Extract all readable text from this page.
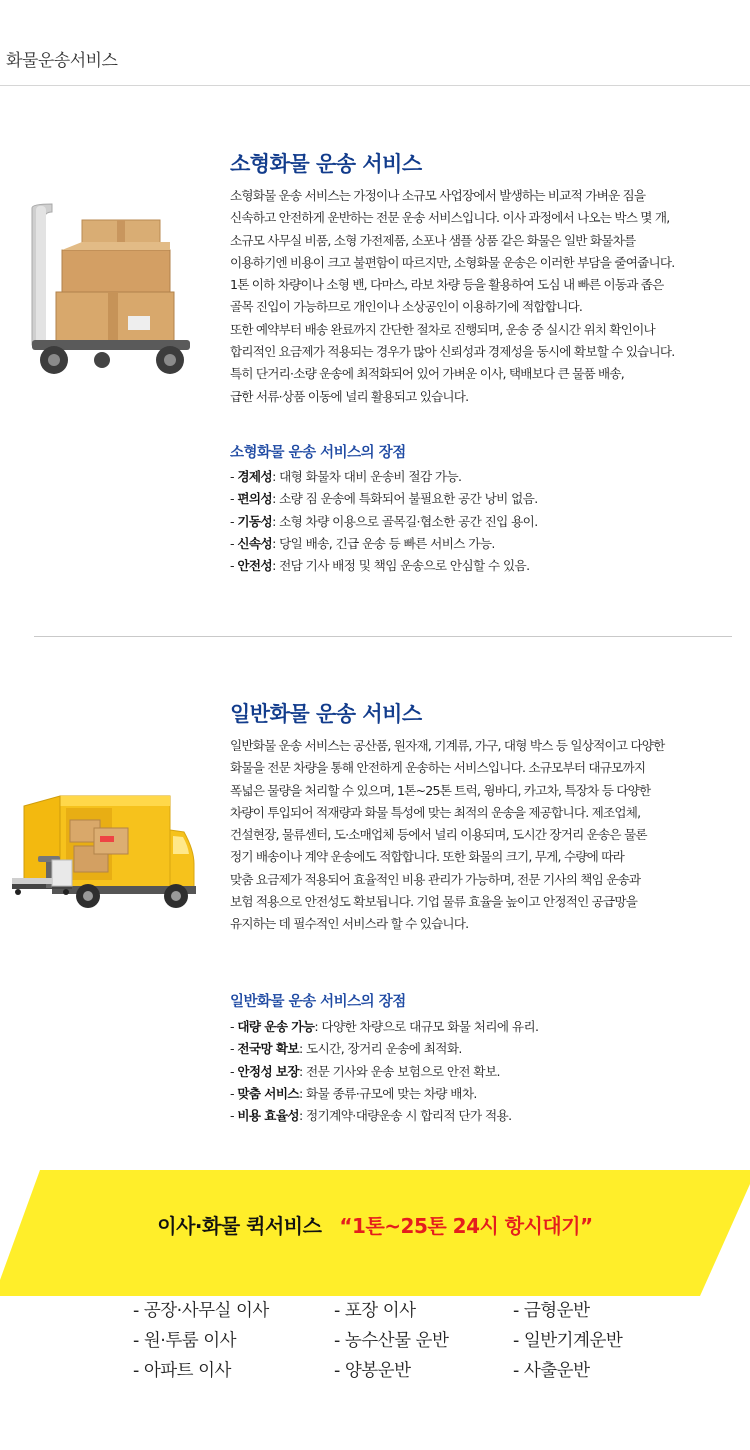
화물운송서비스
소형화물 운송 서비스

소형화물 운송 서비스는 가정이나 소규모 사업장에서 발생하는 비교적 가벼운 짐을

신속하고 안전하게 운반하는 전문 운송 서비스입니다. 이사 과정에서 나오는 박스 몇 개,

소규모 사무실 비품, 소형 가전제품, 소포나 샘플 상품 같은 화물은 일반 화물차를

이용하기엔 비용이 크고 불편함이 따르지만, 소형화물 운송은 이러한 부담을 줄여줍니다.

1톤 이하 차량이나 소형 밴, 다마스, 라보 차량 등을 활용하여 도심 내 빠른 이동과 좁은

골목 진입이 가능하므로 개인이나 소상공인이 이용하기에 적합합니다.

또한 예약부터 배송 완료까지 간단한 절차로 진행되며, 운송 중 실시간 위치 확인이나

합리적인 요금제가 적용되는 경우가 많아 신뢰성과 경제성을 동시에 확보할 수 있습니다.

특히 단거리·소량 운송에 최적화되어 있어 가벼운 이사, 택배보다 큰 물품 배송,

급한 서류·상품 이동에 널리 활용되고 있습니다.

소형화물 운송 서비스의 장점
- 경제성: 대형 화물차 대비 운송비 절감 가능.
- 편의성: 소량 짐 운송에 특화되어 불필요한 공간 낭비 없음.
- 기동성: 소형 차량 이용으로 골목길·협소한 공간 진입 용이.
- 신속성: 당일 배송, 긴급 운송 등 빠른 서비스 가능.
- 안전성: 전담 기사 배정 및 책임 운송으로 안심할 수 있음.
일반화물 운송 서비스

일반화물 운송 서비스는 공산품, 원자재, 기계류, 가구, 대형 박스 등 일상적이고 다양한

화물을 전문 차량을 통해 안전하게 운송하는 서비스입니다. 소규모부터 대규모까지

폭넓은 물량을 처리할 수 있으며, 1톤~25톤 트럭, 윙바디, 카고차, 특장차 등 다양한

차량이 투입되어 적재량과 화물 특성에 맞는 최적의 운송을 제공합니다. 제조업체,

건설현장, 물류센터, 도·소매업체 등에서 널리 이용되며, 도시간 장거리 운송은 물론

정기 배송이나 계약 운송에도 적합합니다. 또한 화물의 크기, 무게, 수량에 따라

맞춤 요금제가 적용되어 효율적인 비용 관리가 가능하며, 전문 기사의 책임 운송과

보험 적용으로 안전성도 확보됩니다. 기업 물류 효율을 높이고 안정적인 공급망을

유지하는 데 필수적인 서비스라 할 수 있습니다.

일반화물 운송 서비스의 장점
- 대량 운송 가능: 다양한 차량으로 대규모 화물 처리에 유리.
- 전국망 확보: 도시간, 장거리 운송에 최적화.
- 안정성 보장: 전문 기사와 운송 보험으로 안전 확보.
- 맞춤 서비스: 화물 종류·규모에 맞는 차량 배차.
- 비용 효율성: 정기계약·대량운송 시 합리적 단가 적용.
이사·화물 퀵서비스 “1톤~25톤 24시 항시대기”
- 공장·사무실 이사
- 원·투룸 이사
- 아파트 이사
- 포장 이사
- 농수산물 운반
- 양봉운반
- 금형운반
- 일반기계운반
- 사출운반
